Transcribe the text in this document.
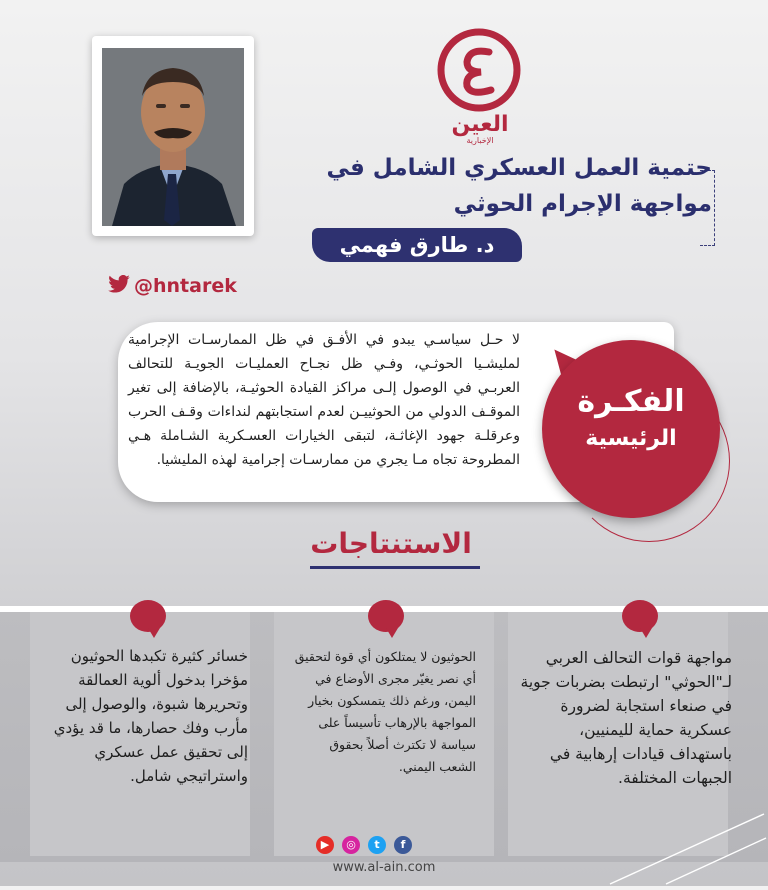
العين
الإخبارية
حتمية العمل العسكري الشامل في مواجهة الإجرام الحوثي
د. طارق فهمي
@hntarek
لا حـل سياسـي يبدو في الأفـق في ظل الممارسـات الإجرامية لمليشـيا الحوثـي، وفـي ظل نجـاح العمليـات الجويـة للتحالف العربـي في الوصول إلـى مراكز القيادة الحوثيـة، بالإضافة إلى تغير الموقـف الدولي من الحوثييـن لعدم استجابتهم لنداءات وقـف الحرب وعرقلـة جهود الإغاثـة، لتبقى الخيارات العسـكرية الشـاملة هـي المطروحة تجاه مـا يجري من ممارسـات إجرامية لهذه المليشيا.
الفكـرة
الرئيسية
الاستنتاجات
مواجهة قوات التحالف العربي لـ"الحوثي" ارتبطت بضربات جوية في صنعاء استجابة لضرورة عسكرية حماية لليمنيين، باستهداف قيادات إرهابية في الجبهات المختلفة.
الحوثيون لا يمتلكون أي قوة لتحقيق أي نصر يغيّر مجرى الأوضاع في اليمن، ورغم ذلك يتمسكون بخيار المواجهة بالإرهاب تأسيساً على سياسة لا تكترث أصلاً بحقوق الشعب اليمني.
خسائر كثيرة تكبدها الحوثيون مؤخرا بدخول ألوية العمالقة وتحريرها شبوة، والوصول إلى مأرب وفك حصارها، ما قد يؤدي إلى تحقيق عمل عسكري واستراتيجي شامل.
▶	◎	t	f
www.al-ain.com
